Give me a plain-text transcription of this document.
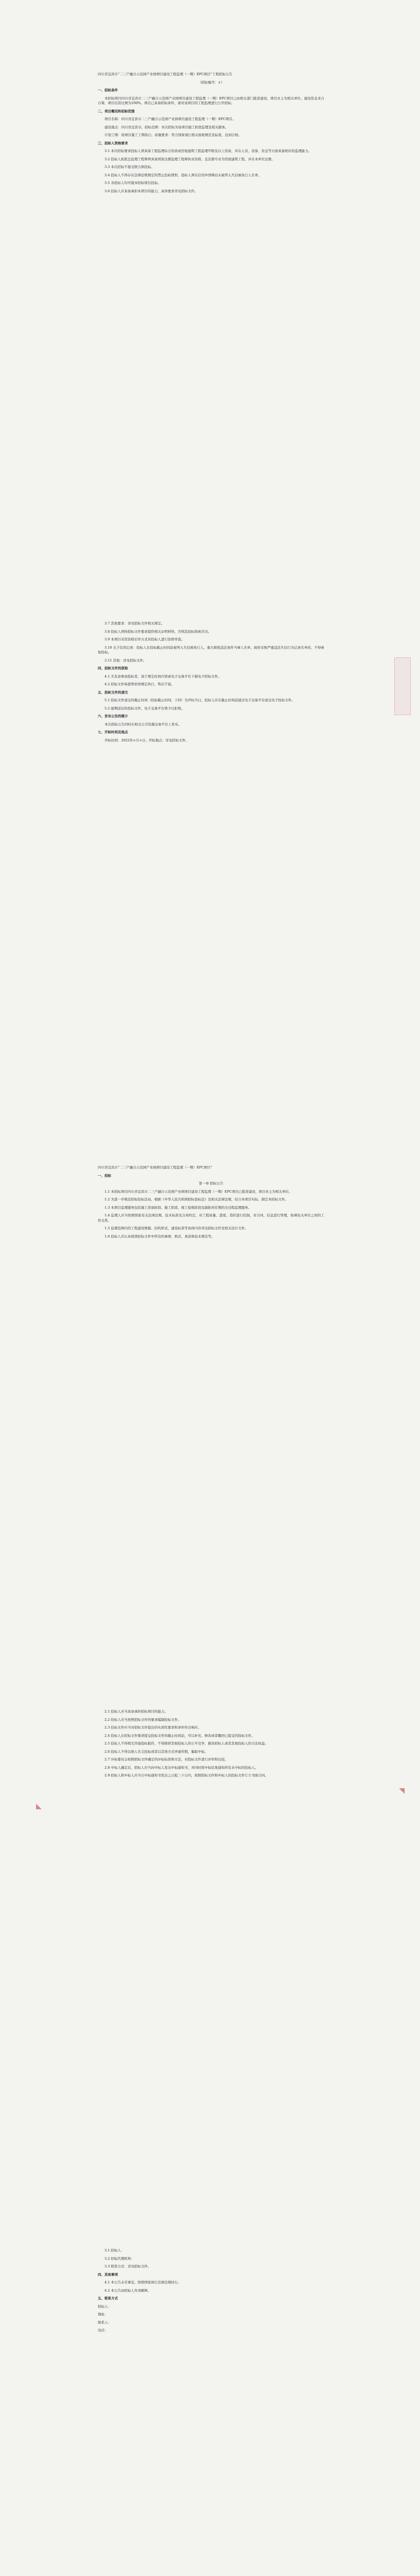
四川省宜宾市“二三产融合示范园产业园项目建设工程监理（一期）EPC项目”工程招标公告

（招标编号：×）

一、招标条件

本招标项目四川省宜宾市二三产融合示范园产业园项目建设工程监理（一期）EPC项目已由相关部门批准建设，项目业主为相关单位，建设资金来自自筹，项目出资比例为100%。项目已具备招标条件，现对该项目的工程监理进行公开招标。

二、项目概况和招标范围

项目名称：四川省宜宾市二三产融合示范园产业园项目建设工程监理（一期）EPC项目。

建设地点：四川省宜宾市。招标范围：本次招标为该项目施工阶段监理及相关服务。

计划工期：按项目施工工期执行。质量要求：符合国家现行相关验收规范及标准，达到合格。

三、投标人资格要求

3.1 本次招标要求投标人须具备工程监理综合资质或房屋建筑工程监理甲级及以上资质，并在人员、设备、资金等方面具备相应的监理能力。

3.2 投标人拟派总监理工程师须具备国家注册监理工程师执业资格，且注册专业为房屋建筑工程，并在本单位注册。

3.3 本次招标不接受联合体投标。

3.4 投标人不得存在法律法规规定的禁止投标情形，投标人须在信用中国网站未被列入失信被执行人名单。

3.5 各投标人均可就本招标项目投标。

3.6 投标人应具备承担本项目的能力，具体要求详见招标文件。

3.7 其他要求：详见招标文件相关规定。

3.8 投标人须按招标文件要求提供相关证明材料，否则其投标将被否决。

3.9 本项目采用资格后审方式对投标人进行资格审查。

3.10 关于信用记录：投标人在投标截止时间前被列入失信被执行人、重大税收违法案件当事人名单、政府采购严重违法失信行为记录名单的，不得参加投标。

3.11 其他：详见招标文件。

四、招标文件的获取

4.1 凡有意参加投标者，请于规定时间内登录电子交易平台下载电子招标文件。

4.2 招标文件每套售价按规定执行，售后不退。

五、投标文件的递交

5.1 投标文件递交的截止时间（投标截止时间，下同）为开标当日，投标人应在截止时间前通过电子交易平台递交电子投标文件。

5.2 逾期送达的投标文件，电子交易平台将予以拒收。

六、发布公告的媒介

本次招标公告同时在相关公共资源交易平台上发布。

七、开标时间及地点

开标时间：2022年×月×日。开标地点：详见招标文件。

四川省宜宾市“二三产融合示范园产业园项目建设工程监理（一期）EPC项目”

一、招标

第一章 招标公告

1.1 本招标项目四川省宜宾市二三产融合示范园产业园项目建设工程监理（一期）EPC项目已批准建设，项目业主为相关单位。

1.2 为进一步规范招标投标活动，根据《中华人民共和国招标投标法》及相关法律法规，结合本项目实际，制定本招标文件。

1.3 本项目监理服务包括施工准备阶段、施工阶段、竣工验收阶段及缺陷责任期的全过程监理服务。

1.4 监理人应当按照国家有关法律法规、技术标准及合同约定，对工程质量、进度、造价进行控制，对合同、信息进行管理，协调有关单位之间的工作关系。

1.5 监理范围内的工程建设规模、结构形式、建设标准等具体内容详见招标文件及相关设计文件。

1.6 投标人应认真阅读招标文件中所有的事项、格式、条款和技术规范等。

◣
◥

2.1 投标人应当具备承担招标项目的能力。

2.2 投标人应当按照招标文件的要求编制投标文件。

2.3 投标文件应当对招标文件提出的实质性要求和条件作出响应。

2.4 投标人在招标文件要求提交投标文件的截止时间前，可以补充、修改或者撤回已提交的投标文件。

2.5 投标人不得相互串通投标报价，不得排挤其他投标人的公平竞争，损害招标人或者其他投标人的合法权益。

2.6 投标人不得以他人名义投标或者以其他方式弄虚作假，骗取中标。

2.7 评标委员会按照招标文件确定的评标标准和方法，对投标文件进行评审和比较。

2.8 中标人确定后，招标人应当向中标人发出中标通知书，并同时将中标结果通知所有未中标的投标人。

2.9 招标人和中标人应当自中标通知书发出之日起三十日内，按照招标文件和中标人的投标文件订立书面合同。

3.1 招标人：

3.2 招标代理机构：

3.3 联系方式：详见招标文件。

四、其他事项

4.1 本公告未尽事宜，按照国家现行法律法规执行。

4.2 本公告由招标人负责解释。

五、联系方式

招标人：

地址：

联系人：

电话：
